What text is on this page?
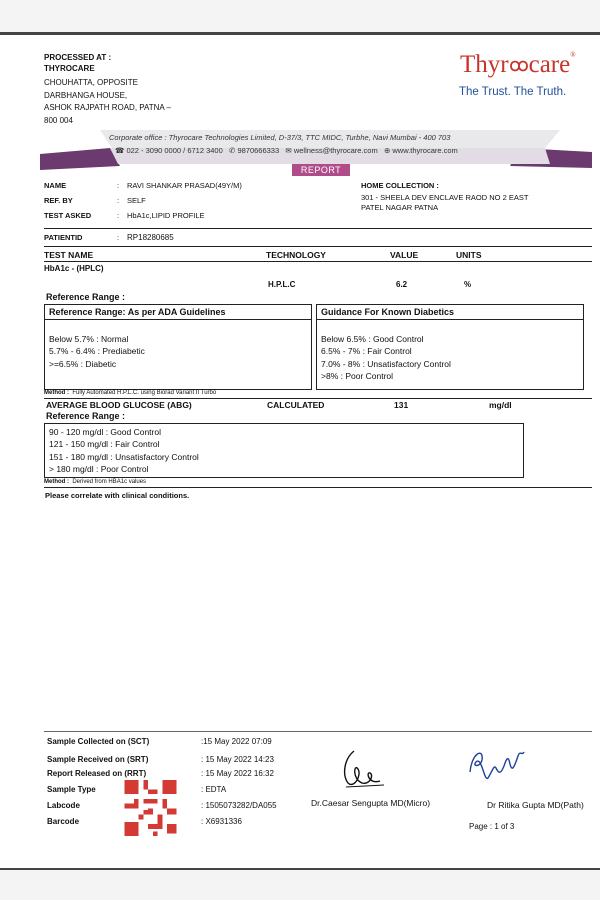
PROCESSED AT :
THYROCARE
CHOUHATTA, OPPOSITE
DARBHANGA HOUSE,
ASHOK RAJPATH ROAD, PATNA –
800 004
Thyr care®
The Trust. The Truth.
Corporate office : Thyrocare Technologies Limited, D-37/3, TTC MIDC, Turbhe, Navi Mumbai - 400 703
☎ 022 - 3090 0000 / 6712 3400 ✆ 9870666333 ✉ wellness@thyrocare.com ⊕ www.thyrocare.com
REPORT
NAME	: RAVI SHANKAR PRASAD(49Y/M)
REF. BY	: SELF
TEST ASKED	: HbA1c,LIPID PROFILE
HOME COLLECTION :
301 - SHEELA DEV ENCLAVE RAOD NO 2 EAST
PATEL NAGAR PATNA
PATIENTID	: RP18280685
TEST NAME	TECHNOLOGY	VALUE	UNITS
HbA1c - (HPLC)
H.P.L.C	6.2	%
Reference Range :
Reference Range: As per ADA Guidelines
Below 5.7% : Normal
5.7% - 6.4% : Prediabetic
>=6.5% : Diabetic
Guidance For Known Diabetics
Below 6.5% : Good Control
6.5% - 7% : Fair Control
7.0% - 8% : Unsatisfactory Control
>8% : Poor Control
Method : Fully Automated H.P.L.C. using Biorad Variant II Turbo
AVERAGE BLOOD GLUCOSE (ABG)	CALCULATED	131	mg/dl
Reference Range :
90 - 120 mg/dl : Good Control
121 - 150 mg/dl : Fair Control
151 - 180 mg/dl : Unsatisfactory Control
> 180 mg/dl : Poor Control
Method : Derived from HBA1c values
Please correlate with clinical conditions.
Sample Collected on (SCT)	:15 May 2022 07:09
Sample Received on (SRT)	: 15 May 2022 14:23
Report Released on (RRT)	: 15 May 2022 16:32
Sample Type	: EDTA
Labcode	: 1505073282/DA055
Barcode	: X6931336
Dr.Caesar Sengupta MD(Micro)	Dr Ritika Gupta MD(Path)
Page : 1 of 3
